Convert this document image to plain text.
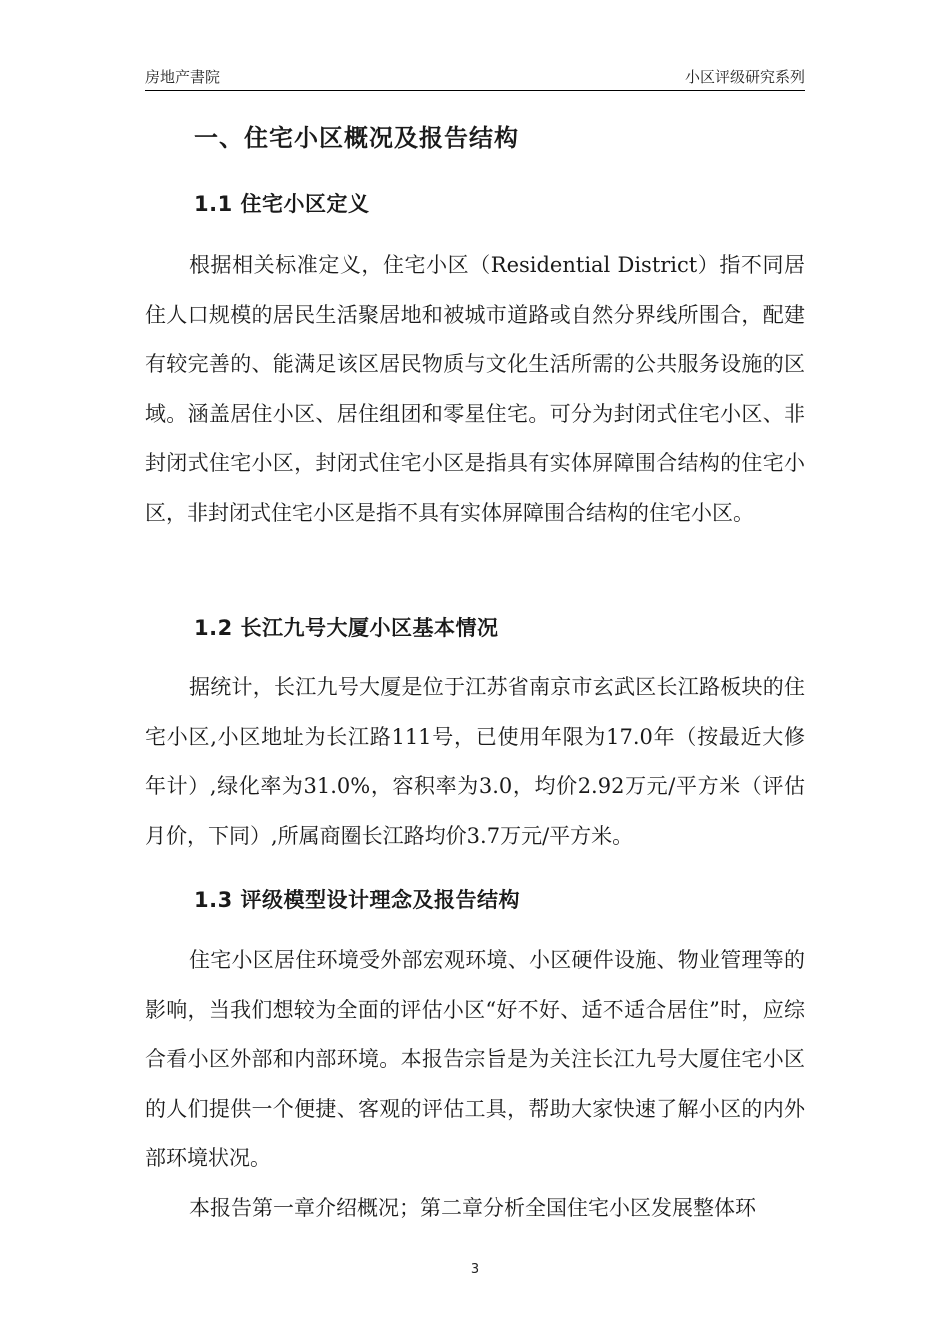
房地产書院	小区评级研究系列
一、住宅小区概况及报告结构
1.1 住宅小区定义

根据相关标准定义，住宅小区（Residential District）指不同居住人口规模的居民生活聚居地和被城市道路或自然分界线所围合，配建有较完善的、能满足该区居民物质与文化生活所需的公共服务设施的区域。涵盖居住小区、居住组团和零星住宅。可分为封闭式住宅小区、非封闭式住宅小区，封闭式住宅小区是指具有实体屏障围合结构的住宅小区，非封闭式住宅小区是指不具有实体屏障围合结构的住宅小区。

1.2 长江九号大厦小区基本情况

据统计，长江九号大厦是位于江苏省南京市玄武区长江路板块的住宅小区,小区地址为长江路111号，已使用年限为17.0年（按最近大修年计）,绿化率为31.0%，容积率为3.0，均价2.92万元/平方米（评估月价，下同）,所属商圈长江路均价3.7万元/平方米。

1.3 评级模型设计理念及报告结构

住宅小区居住环境受外部宏观环境、小区硬件设施、物业管理等的影响，当我们想较为全面的评估小区“好不好、适不适合居住”时，应综合看小区外部和内部环境。本报告宗旨是为关注长江九号大厦住宅小区的人们提供一个便捷、客观的评估工具，帮助大家快速了解小区的内外部环境状况。

本报告第一章介绍概况；第二章分析全国住宅小区发展整体环

3
